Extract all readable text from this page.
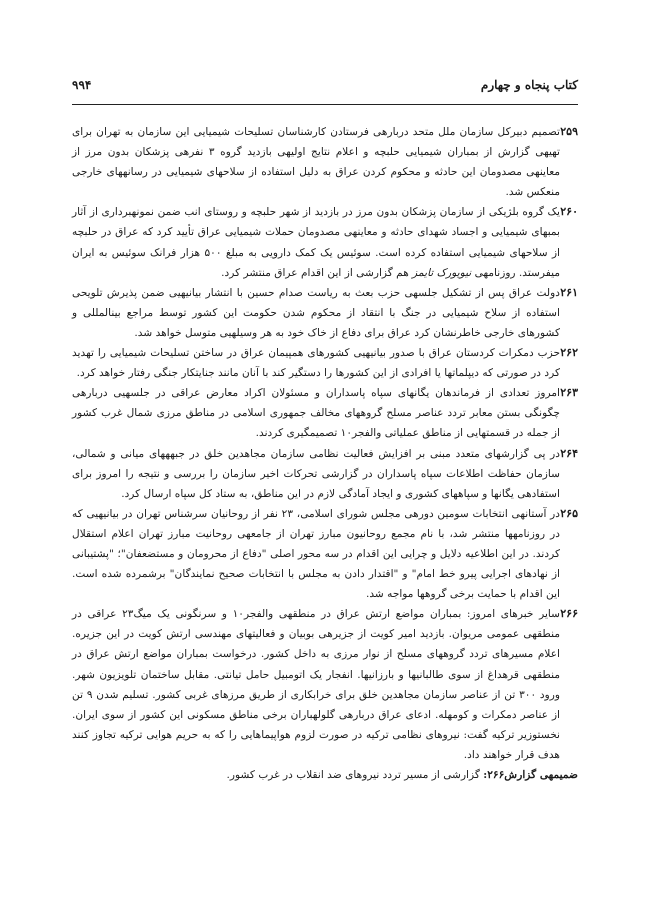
کتاب پنجاه و چهارم
۹۹۴
۲۵۹
تصمیم دبیرکل سازمان ملل متحد دربارهی فرستادن کارشناسان تسلیحات شیمیایی این سازمان به تهران برای تهیهی گزارش از بمباران شیمیایی حلبچه و اعلام نتایج اولیهی بازدید گروه ۳ نفرهی پزشکان بدون مرز از معاینهی مصدومان این حادثه و محکوم کردن عراق به دلیل استفاده از سلاحهای شیمیایی در رسانههای خارجی منعکس شد.
۲۶۰
یک گروه بلژیکی از سازمان پزشکان بدون مرز در بازدید از شهر حلبچه و روستای انب ضمن نمونهبرداری از آثار بمبهای شیمیایی و اجساد شهدای حادثه و معاینهی مصدومان حملات شیمیایی عراق تأیید کرد که عراق در حلبچه از سلاحهای شیمیایی استفاده کرده است. سوئیس یک کمک دارویی به مبلغ ۵۰۰ هزار فرانک سوئیس به ایران میفرستد. روزنامهی نیویورک تایمز هم گزارشی از این اقدام عراق منتشر کرد.
۲۶۱
دولت عراق پس از تشکیل جلسهی حزب بعث به ریاست صدام حسین با انتشار بیانیهیی ضمن پذیرش تلویحی استفاده از سلاح شیمیایی در جنگ با انتقاد از محکوم شدن حکومت این کشور توسط مراجع بینالمللی و کشورهای خارجی خاطرنشان کرد عراق برای دفاع از خاک خود به هر وسیلهیی متوسل خواهد شد.
۲۶۲
حزب دمکرات کردستان عراق با صدور بیانیهیی کشورهای همپیمان عراق در ساختن تسلیحات شیمیایی را تهدید کرد در صورتی که دیپلماتها یا افرادی از این کشورها را دستگیر کند با آنان مانند جنایتکار جنگی رفتار خواهد کرد.
۲۶۳
امروز تعدادی از فرماندهان یگانهای سپاه پاسداران و مسئولان اکراد معارض عراقی در جلسهیی دربارهی چگونگی بستن معابر تردد عناصر مسلح گروههای مخالف جمهوری اسلامی در مناطق مرزی شمال غرب کشور از جمله در قسمتهایی از مناطق عملیاتی والفجر۱۰ تصمیمگیری کردند.
۲۶۴
در پی گزارشهای متعدد مبنی بر افزایش فعالیت نظامی سازمان مجاهدین خلق در جبهههای میانی و شمالی، سازمان حفاظت اطلاعات سپاه پاسداران در گزارشی تحرکات اخیر سازمان را بررسی و نتیجه را امروز برای استفادهی یگانها و سپاههای کشوری و ایجاد آمادگی لازم در این مناطق، به ستاد کل سپاه ارسال کرد.
۲۶۵
در آستانهی انتخابات سومین دورهی مجلس شورای اسلامی، ۲۳ نفر از روحانیان سرشناس تهران در بیانیهیی که در روزنامهها منتشر شد، با نام مجمع روحانیون مبارز تهران از جامعهی روحانیت مبارز تهران اعلام استقلال کردند. در این اطلاعیه دلایل و چرایی این اقدام در سه محور اصلی "دفاع از محرومان و مستضعفان"؛ "پشتیبانی از نهادهای اجرایی پیرو خط امام" و "اقتدار دادن به مجلس با انتخابات صحیح نمایندگان" برشمرده شده است. این اقدام با حمایت برخی گروهها مواجه شد.
۲۶۶
سایر خبرهای امروز: بمباران مواضع ارتش عراق در منطقهی والفجر۱۰ و سرنگونی یک میگ۲۳ عراقی در منطقهی عمومی مریوان. بازدید امیر کویت از جزیرهی بوبیان و فعالیتهای مهندسی ارتش کویت در این جزیره. اعلام مسیرهای تردد گروههای مسلح از نوار مرزی به داخل کشور. درخواست بمباران مواضع ارتش عراق در منطقهی قرهداغ از سوی طالبانیها و بارزانیها. انفجار یک اتومبیل حامل تیانتی. مقابل ساختمان تلویزیون شهر. ورود ۳۰۰ تن از عناصر سازمان مجاهدین خلق برای خرابکاری از طریق مرزهای غربی کشور. تسلیم شدن ۹ تن از عناصر دمکرات و کومهله. ادعای عراق دربارهی گلولهباران برخی مناطق مسکونی این کشور از سوی ایران. نخستوزیر ترکیه گفت: نیروهای نظامی ترکیه در صورت لزوم هواپیماهایی را که به حریم هوایی ترکیه تجاوز کنند هدف قرار خواهند داد.
ضمیمهی گزارش۲۶۶: گزارشی از مسیر تردد نیروهای ضد انقلاب در غرب کشور.
